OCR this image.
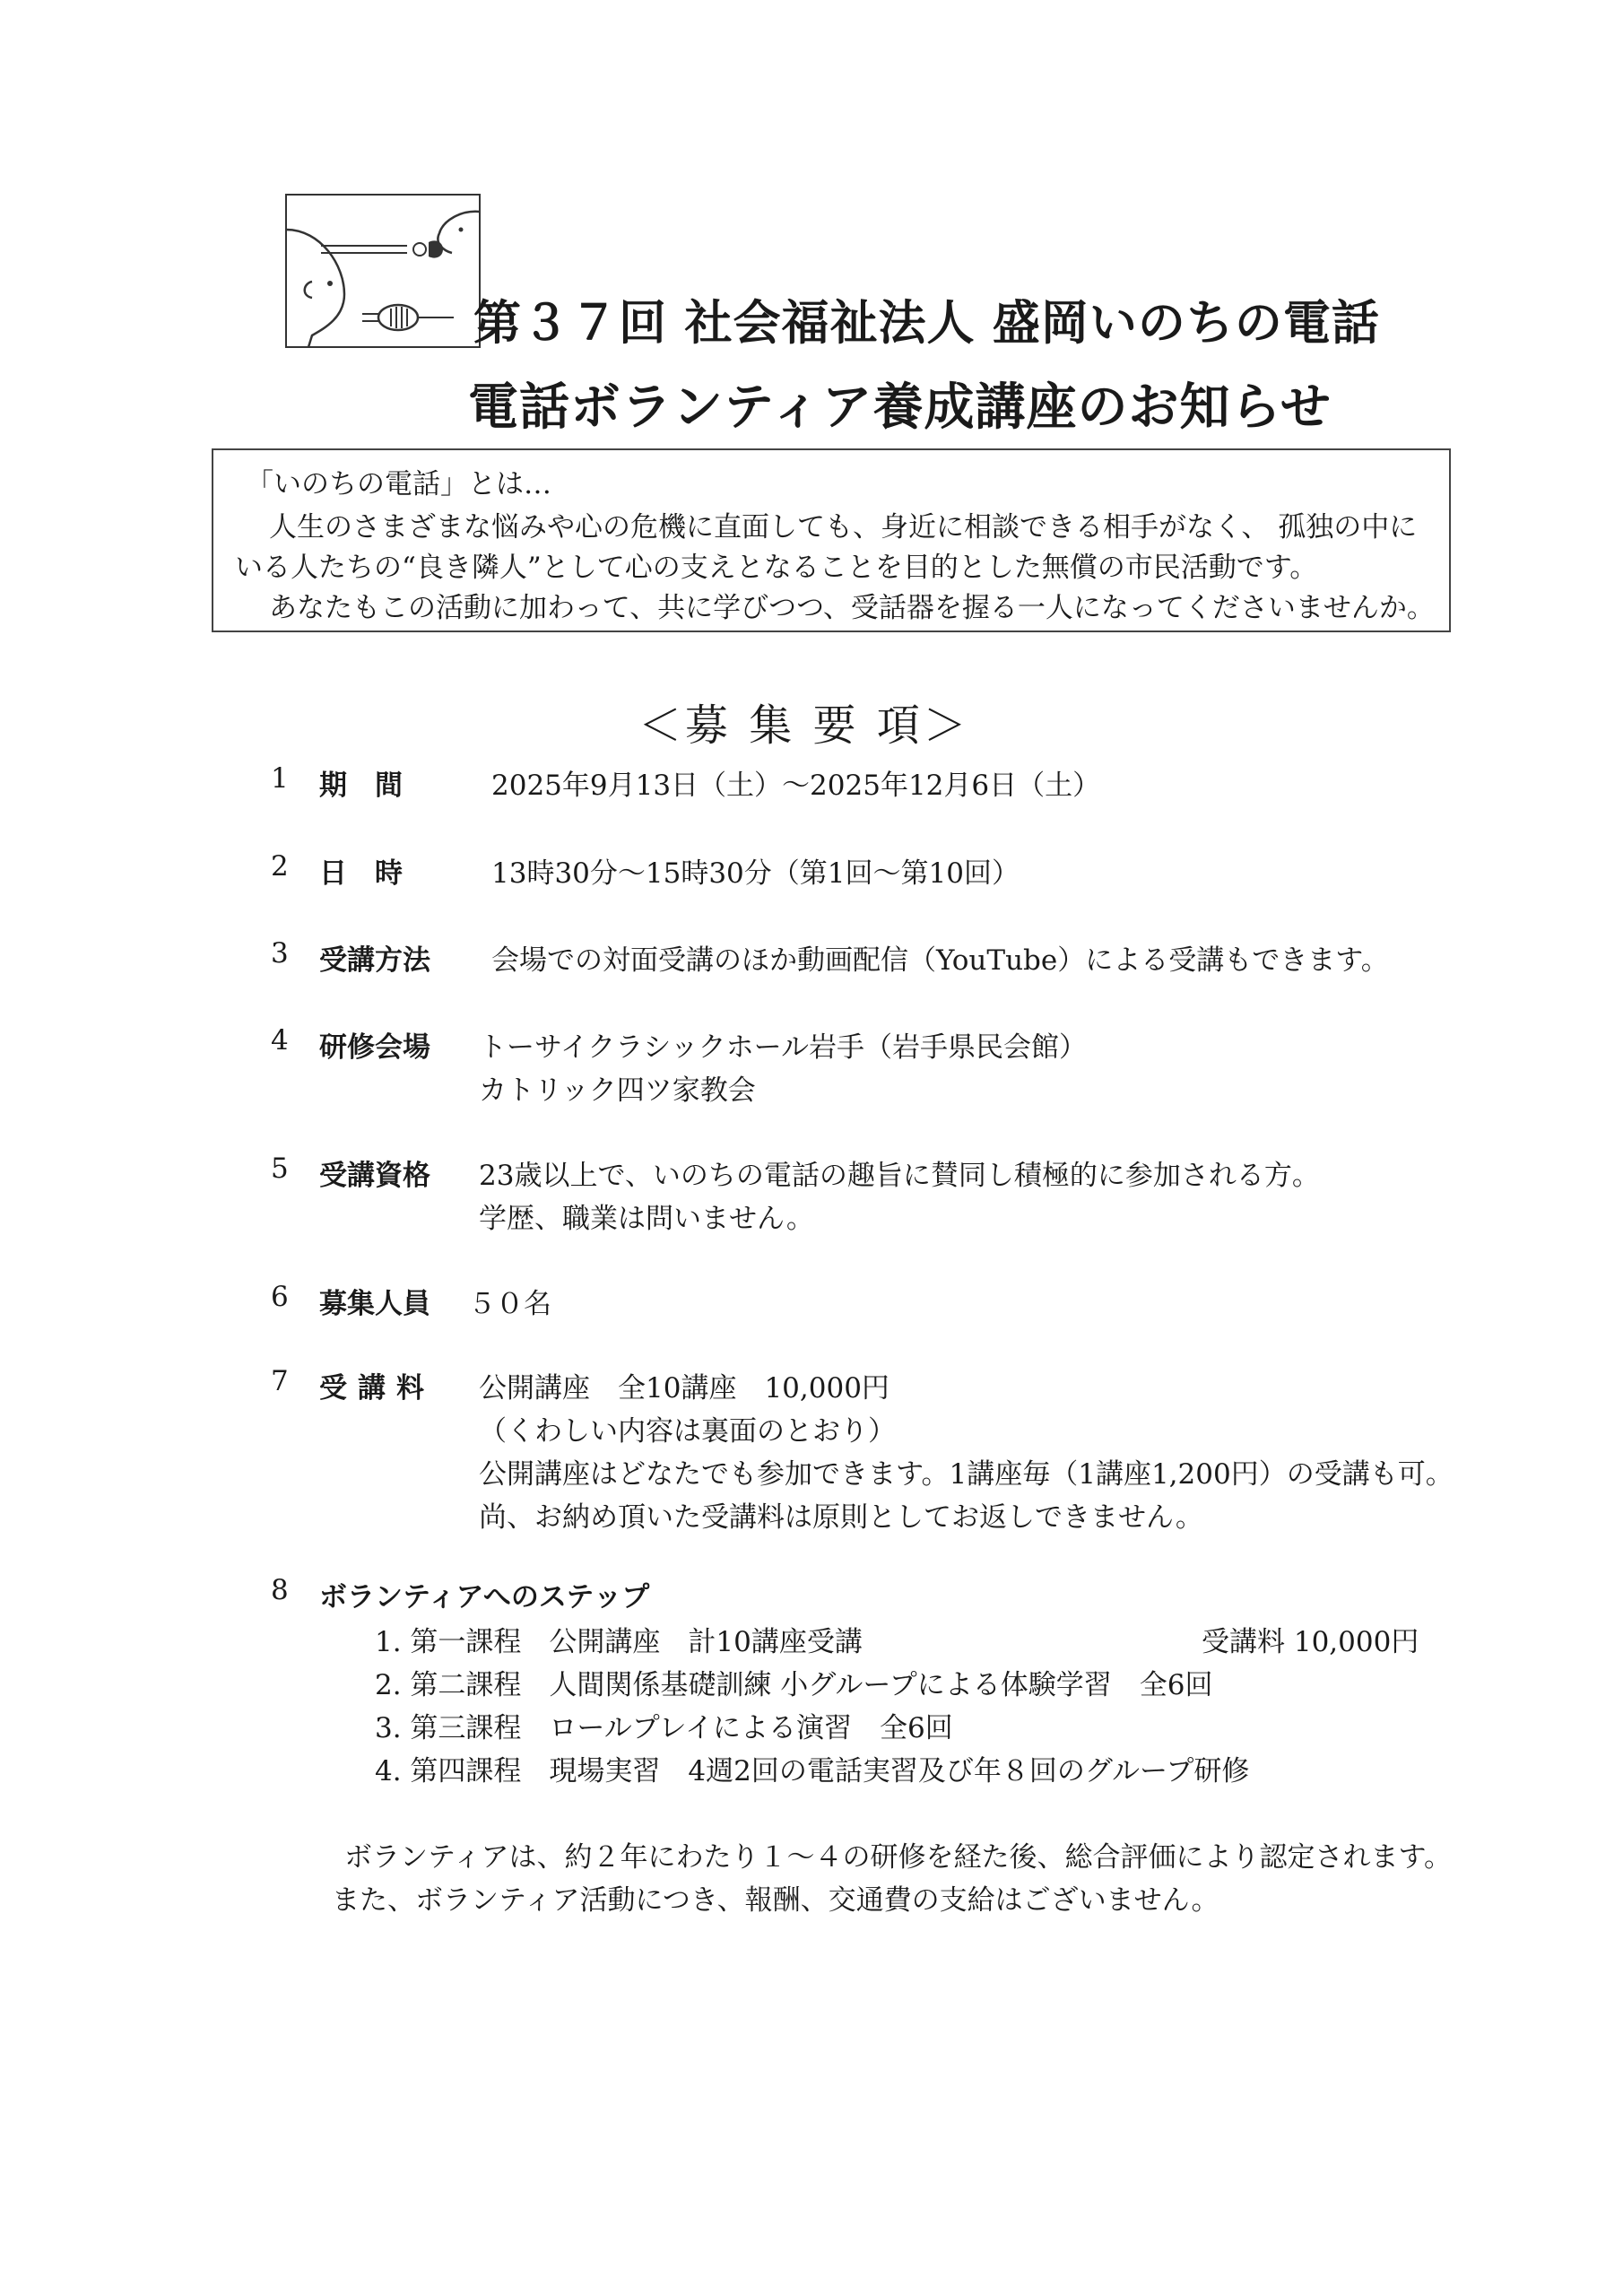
第３７回 社会福祉法人 盛岡いのちの電話
電話ボランティア養成講座のお知らせ

「いのちの電話」とは…

人生のさまざまな悩みや心の危機に直面しても、身近に相談できる相手がなく、 孤独の中に

いる人たちの“良き隣人”として心の支えとなることを目的とした無償の市民活動です。

あなたもこの活動に加わって、共に学びつつ、受話器を握る一人になってくださいませんか。

＜募 集 要 項＞
1 期　間	2025年9月13日（土）～2025年12月6日（土）
2 日　時	13時30分～15時30分（第1回～第10回）
3 受講方法 会場での対面受講のほか動画配信（YouTube）による受講もできます。
4 研修会場 トーサイクラシックホール岩手（岩手県民会館）
カトリック四ツ家教会
5 受講資格 23歳以上で、いのちの電話の趣旨に賛同し積極的に参加される方。
学歴、職業は問いません。
6 募集人員 ５０名
7 受講料 公開講座　全10講座　10,000円
（くわしい内容は裏面のとおり）
公開講座はどなたでも参加できます。1講座毎（1講座1,200円）の受講も可。
尚、お納め頂いた受講料は原則としてお返しできません。
8 ボランティアへのステップ
1. 第一課程　公開講座　計10講座受講	受講料 10,000円
2. 第二課程　人間関係基礎訓練 小グループによる体験学習　全6回
3. 第三課程　ロールプレイによる演習　全6回
4. 第四課程　現場実習　4週2回の電話実習及び年８回のグループ研修
ボランティアは、約２年にわたり１～４の研修を経た後、総合評価により認定されます。
また、ボランティア活動につき、報酬、交通費の支給はございません。
